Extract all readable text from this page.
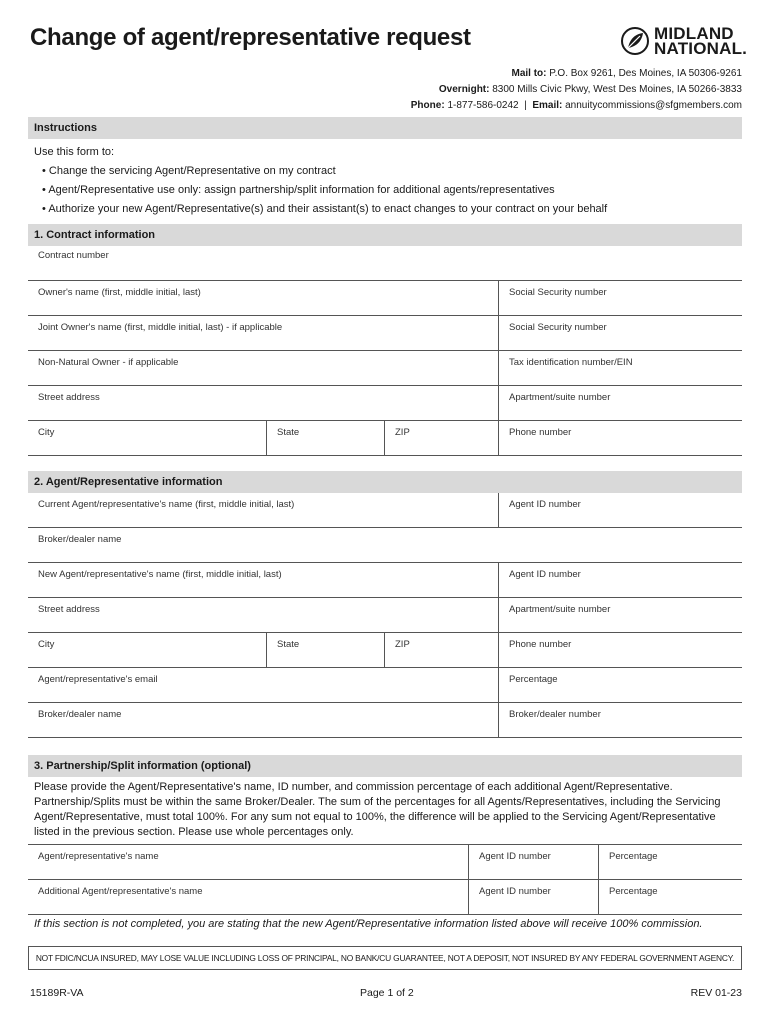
Change of agent/representative request	MIDLAND
NATIONAL.
Mail to: P.O. Box 9261, Des Moines, IA 50306-9261
Overnight: 8300 Mills Civic Pkwy, West Des Moines, IA 50266-3833
Phone: 1-877-586-0242  |  Email: annuitycommissions@sfgmembers.com
Instructions
Use this form to:
• Change the servicing Agent/Representative on my contract
• Agent/Representative use only: assign partnership/split information for additional agents/representatives
• Authorize your new Agent/Representative(s) and their assistant(s) to enact changes to your contract on your behalf
1. Contract information
Contract number
Owner's name (first, middle initial, last)	Social Security number
Joint Owner's name (first, middle initial, last) - if applicable	Social Security number
Non-Natural Owner - if applicable	Tax identification number/EIN
Street address	Apartment/suite number
City	State	ZIP	Phone number
2. Agent/Representative information
Current Agent/representative's name (first, middle initial, last)	Agent ID number
Broker/dealer name
New Agent/representative's name (first, middle initial, last)	Agent ID number
Street address	Apartment/suite number
City	State	ZIP	Phone number
Agent/representative's email	Percentage
Broker/dealer name	Broker/dealer number
3. Partnership/Split information (optional)
Please provide the Agent/Representative's name, ID number, and commission percentage of each additional Agent/Representative. Partnership/Splits must be within the same Broker/Dealer. The sum of the percentages for all Agents/Representatives, including the Servicing Agent/Representative, must total 100%. For any sum not equal to 100%, the difference will be applied to the Servicing Agent/Representative listed in the previous section. Please use whole percentages only.
Agent/representative's name	Agent ID number	Percentage
Additional Agent/representative's name	Agent ID number	Percentage
If this section is not completed, you are stating that the new Agent/Representative information listed above will receive 100% commission.
NOT FDIC/NCUA INSURED, MAY LOSE VALUE INCLUDING LOSS OF PRINCIPAL, NO BANK/CU GUARANTEE, NOT A DEPOSIT, NOT INSURED BY ANY FEDERAL GOVERNMENT AGENCY.
15189R-VA	Page 1 of 2	REV 01-23
